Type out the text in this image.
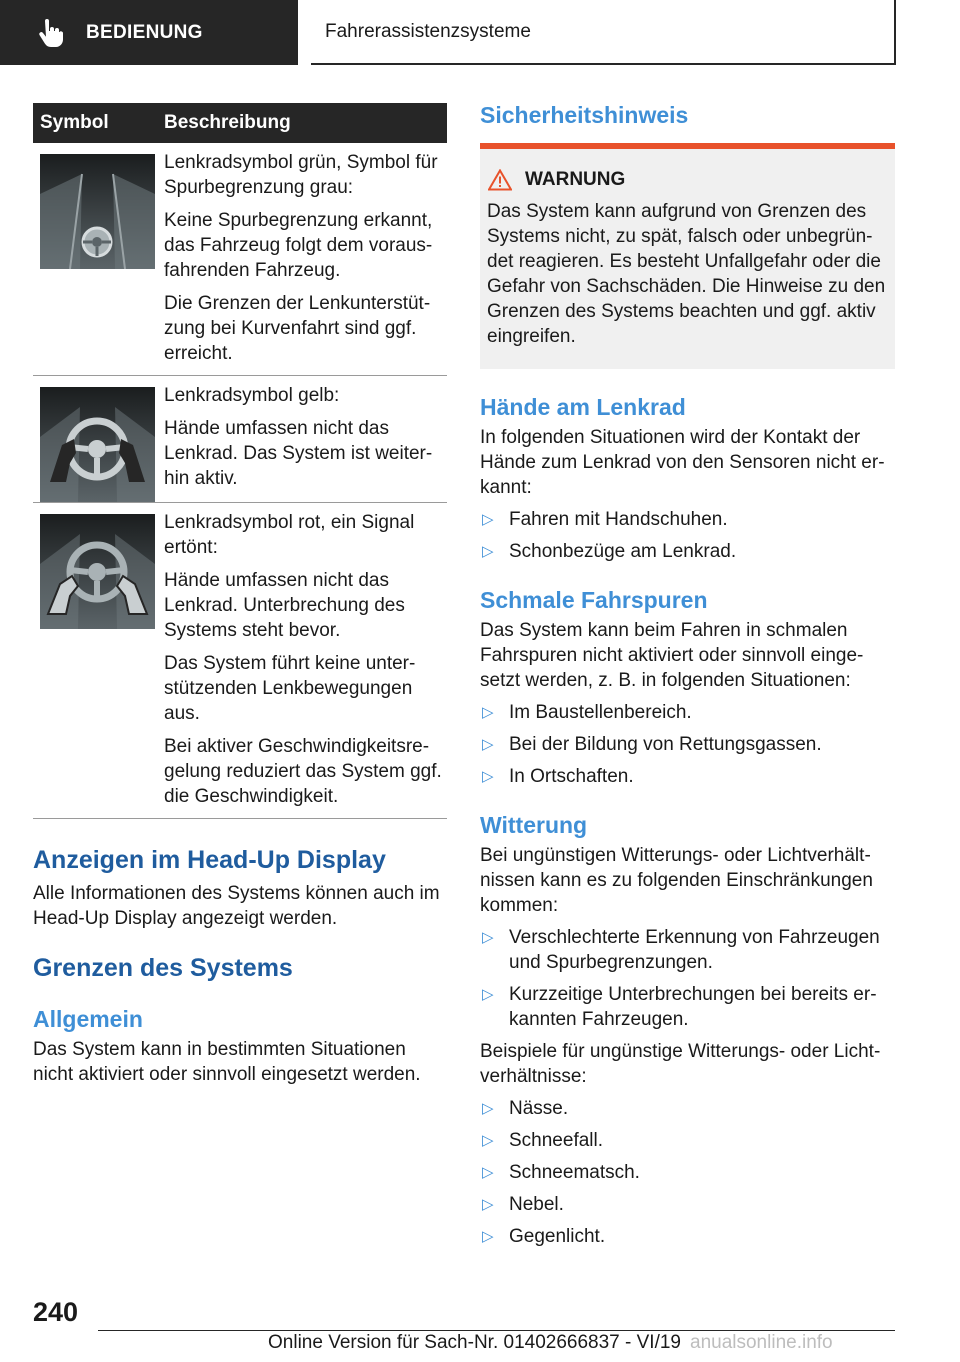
BEDIENUNG	Fahrerassistenzsysteme
Symbol	Beschreibung

Lenkradsymbol grün, Symbol für Spurbegrenzung grau:

Keine Spurbegrenzung erkannt, das Fahrzeug folgt dem vorausfahrenden Fahrzeug.

Die Grenzen der Lenkunterstützung bei Kurvenfahrt sind ggf. erreicht.

Lenkradsymbol gelb:

Hände umfassen nicht das Lenkrad. Das System ist weiterhin aktiv.

Lenkradsymbol rot, ein Signal ertönt:

Hände umfassen nicht das Lenkrad. Unterbrechung des Systems steht bevor.

Das System führt keine unterstützenden Lenkbewegungen aus.

Bei aktiver Geschwindigkeitsregelung reduziert das System ggf. die Geschwindigkeit.

Anzeigen im Head-Up Display

Alle Informationen des Systems können auch im Head-Up Display angezeigt werden.

Grenzen des Systems
Allgemein

Das System kann in bestimmten Situationen nicht aktiviert oder sinnvoll eingesetzt werden.

Sicherheitshinweis
WARNUNG
Das System kann aufgrund von Grenzen des Systems nicht, zu spät, falsch oder unbegründet reagieren. Es besteht Unfallgefahr oder die Gefahr von Sachschäden. Die Hinweise zu den Grenzen des Systems beachten und ggf. aktiv eingreifen.
Hände am Lenkrad

In folgenden Situationen wird der Kontakt der Hände zum Lenkrad von den Sensoren nicht erkannt:

▷ Fahren mit Handschuhen.
▷ Schonbezüge am Lenkrad.
Schmale Fahrspuren

Das System kann beim Fahren in schmalen Fahrspuren nicht aktiviert oder sinnvoll eingesetzt werden, z. B. in folgenden Situationen:

▷ Im Baustellenbereich.
▷ Bei der Bildung von Rettungsgassen.
▷ In Ortschaften.
Witterung

Bei ungünstigen Witterungs- oder Lichtverhältnissen kann es zu folgenden Einschränkungen kommen:

▷ Verschlechterte Erkennung von Fahrzeugen und Spurbegrenzungen.
▷ Kurzzeitige Unterbrechungen bei bereits erkannten Fahrzeugen.

Beispiele für ungünstige Witterungs- oder Lichtverhältnisse:

▷ Nässe.
▷ Schneefall.
▷ Schneematsch.
▷ Nebel.
▷ Gegenlicht.
240
Online Version für Sach-Nr. 01402666837 - VI/19 anualsonline.info
